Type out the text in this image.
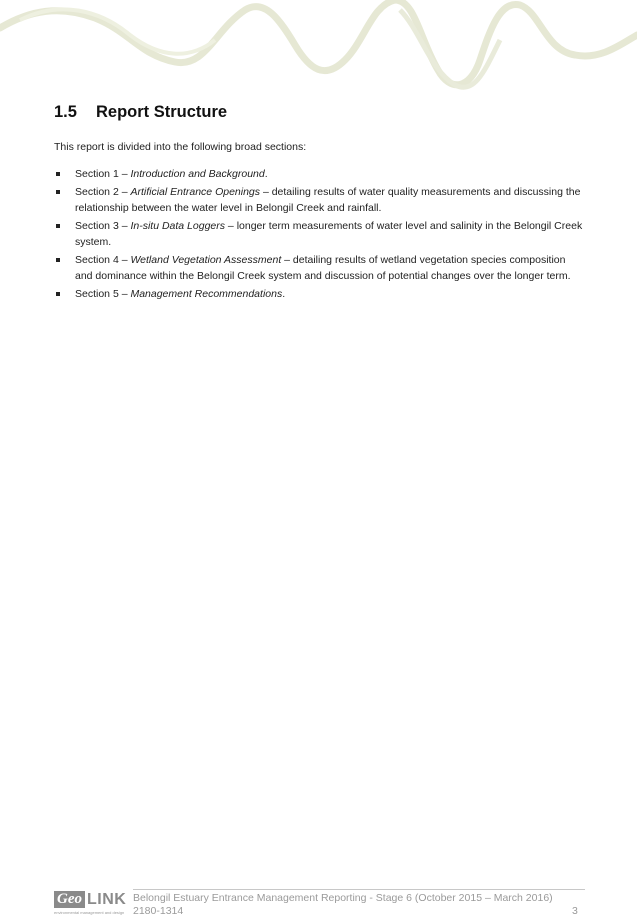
1.5 Report Structure

This report is divided into the following broad sections:

Section 1 – Introduction and Background.
Section 2 – Artificial Entrance Openings – detailing results of water quality measurements and discussing the relationship between the water level in Belongil Creek and rainfall.
Section 3 – In-situ Data Loggers – longer term measurements of water level and salinity in the Belongil Creek system.
Section 4 – Wetland Vegetation Assessment – detailing results of wetland vegetation species composition and dominance within the Belongil Creek system and discussion of potential changes over the longer term.
Section 5 – Management Recommendations.
Geo LINK
environmental management and design
Belongil Estuary Entrance Management Reporting - Stage 6 (October 2015 – March 2016)
2180-1314	3
